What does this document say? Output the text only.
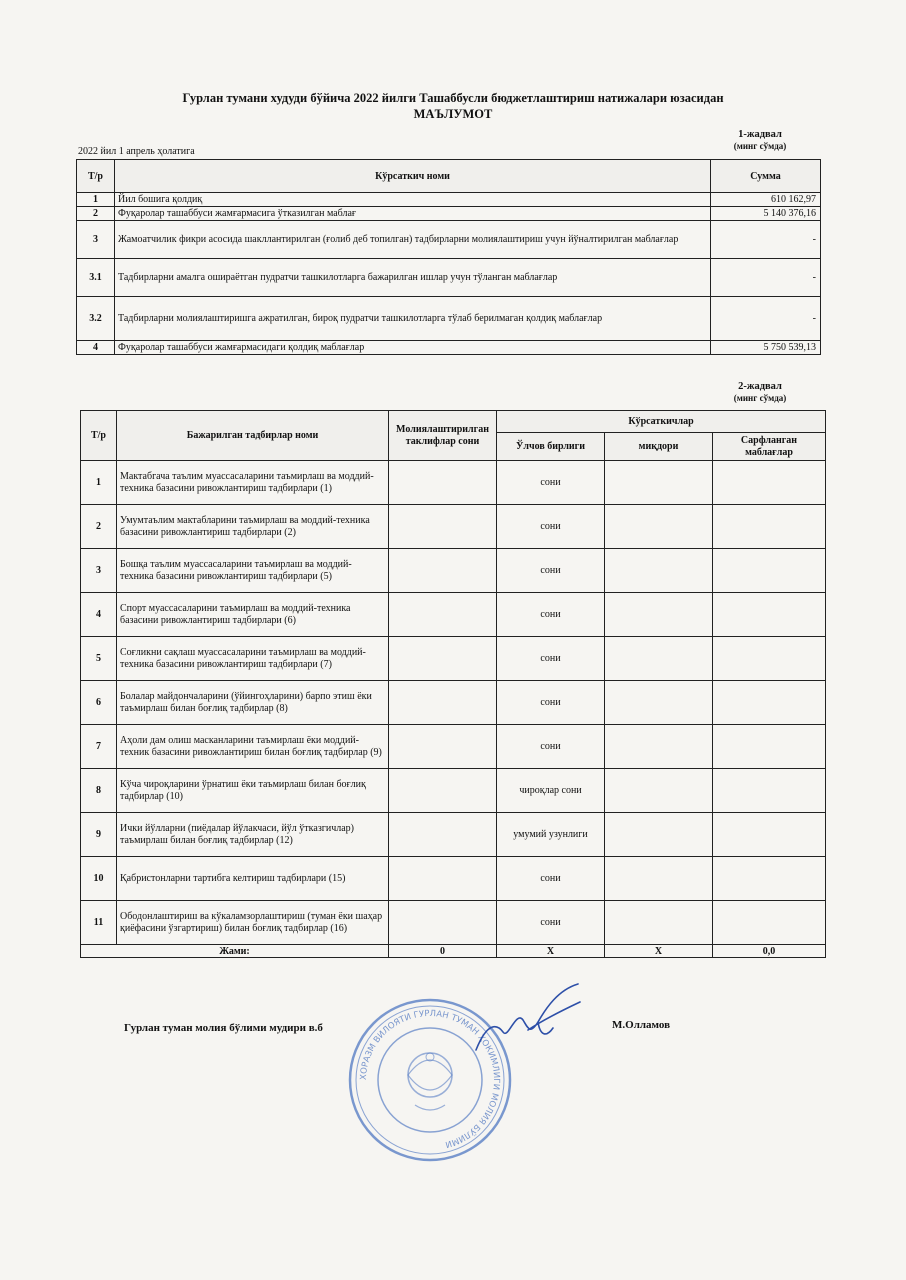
Гурлан тумани худуди бўйича 2022 йилги Ташаббусли бюджетлаштириш натижалари юзасидан
МАЪЛУМОТ
1-жадвал
(минг сўмда)
2022 йил 1 апрель ҳолатига
Т/р	Кўрсаткич номи	Сумма
1	Йил бошига қолдиқ	610 162,97
2	Фуқаролар ташаббуси жамғармасига ўтказилган маблағ	5 140 376,16
3	Жамоатчилик фикри асосида шакллантирилган (ғолиб деб топилган) тадбирларни молиялаштириш учун йўналтирилган маблағлар	-
3.1	Тадбирларни амалга оширaётган пудратчи ташкилотларга бажарилган ишлар учун тўланган маблағлар	-
3.2	Тадбирларни молиялаштиришга ажратилган, бироқ пудратчи ташкилотларга тўлаб берилмаган қолдиқ маблағлар	-
4	Фуқаролар ташаббуси жамғармасидаги қолдиқ маблағлар	5 750 539,13
2-жадвал
(минг сўмда)
Т/р	Бажарилган тадбирлар номи	Молиялаштирилган таклифлар сони	Кўрсаткичлар		
			Ўлчов бирлиги	миқдори	Сарфланган маблағлар
1	Мактабгача таълим муассасаларини таъмирлаш ва моддий-техника базасини ривожлантириш тадбирлари (1)		сони		
2	Умумтаълим мактабларини таъмирлаш ва моддий-техника базасини ривожлантириш тадбирлари (2)		сони		
3	Бошқа таълим муассасаларини таъмирлаш ва моддий-техника базасини ривожлантириш тадбирлари (5)		сони		
4	Спорт муассасаларини таъмирлаш ва моддий-техника базасини ривожлантириш тадбирлари (6)		сони		
5	Соғликни сақлаш муассасаларини таъмирлаш ва моддий-техника базасини ривожлантириш тадбирлари (7)		сони		
6	Болалар майдончаларини (ўйингоҳларини) барпо этиш ёки таъмирлаш билан боғлиқ тадбирлар (8)		сони		
7	Аҳоли дам олиш масканларини таъмирлаш ёки моддий-техник базасини ривожлантириш билан боғлиқ тадбирлар (9)		сони		
8	Кўча чироқларини ўрнатиш ёки таъмирлаш билан боғлиқ тадбирлар (10)		чироқлар сони		
9	Ички йўлларни (пиёдалар йўлакчаси, йўл ўтказгичлар) таъмирлаш билан боғлиқ тадбирлар (12)		умумий узунлиги		
10	Қабристонларни тартибга келтириш тадбирлари (15)		сони		
11	Ободонлаштириш ва кўкаламзорлаштириш (туман ёки шаҳар қиёфасини ўзгартириш) билан боғлиқ тадбирлар (16)		сони		
Жами:		0	X	X	0,0
Гурлан туман молия бўлими мудири в.б
ХОРАЗМ ВИЛОЯТИ ГУРЛАН ТУМАН ҲОКИМЛИГИ МОЛИЯ БЎЛИМИ
М.Олламов
